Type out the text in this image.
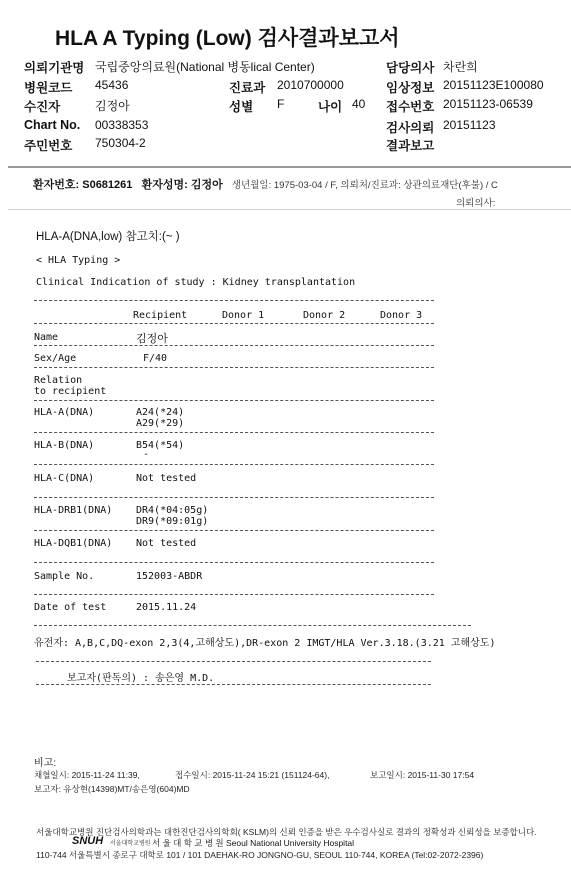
HLA A Typing (Low) 검사결과보고서
의뢰기관명 국립중앙의료원(National 병동lical Center)	담당의사 차란희
병원코드 45436	진료과 2010700000	임상정보 20151123E100080
수진자	김정아	성별 F	나이 40 접수번호 20151123-06539
Chart No. 00338353	검사의뢰 20151123
주민번호 750304-2	결과보고
환자번호: S0681261 환자성명: 김정아 생년월일: 1975-03-04 / F, 의뢰처/진료과: 상관의료재단(후불) / C
의뢰의사:
HLA-A(DNA,low) 참고치:(~ )
< HLA Typing >
Clinical Indication of study : Kidney transplantation
Recipient	Donor 1	Donor 2	Donor 3
Name	김정아
Sex/Age	F/40
Relation
to recipient
HLA-A(DNA)	A24(*24)
A29(*29)
HLA-B(DNA)	B54(*54)
-
HLA-C(DNA)	Not tested
HLA-DRB1(DNA) DR4(*04:05g)
DR9(*09:01g)
HLA-DQB1(DNA) Not tested
Sample No.	152003-ABDR
Date of test	2015.11.24
유전자: A,B,C,DQ-exon 2,3(4,고해상도),DR-exon 2 IMGT/HLA Ver.3.18.(3.21 고해상도)
보고자(판독의) : 송은영 M.D.
비고:
채혈일시: 2015-11-24 11:39,	접수일시: 2015-11-24 15:21 (151124-64),	보고일시: 2015-11-30 17:54
보고자: 유상현(14398)MT/송은영(604)MD
서울대학교병원 진단검사의학과는 대한진단검사의학회( KSLM)의 신뢰 인증을 받은 우수검사실로 결과의 정확성과 신뢰성을 보증합니다.
SNUH 서울대학교병원 서 울 대 학 교 병 원 Seoul National University Hospital
110-744 서울특별시 종로구 대학로 101 / 101 DAEHAK-RO JONGNO-GU, SEOUL 110-744, KOREA (Tel:02-2072-2396)
